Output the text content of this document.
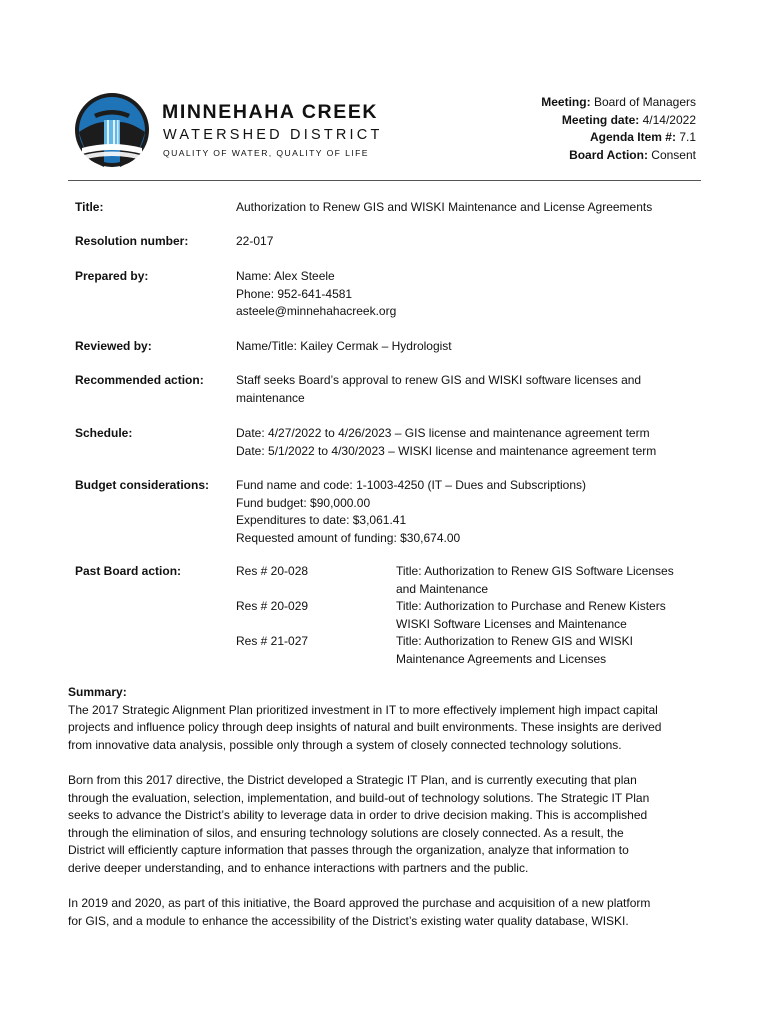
MINNEHAHA CREEK
WATERSHED DISTRICT
QUALITY OF WATER, QUALITY OF LIFE
Meeting: Board of Managers
Meeting date: 4/14/2022
Agenda Item #: 7.1
Board Action: Consent
Title:	Authorization to Renew GIS and WISKI Maintenance and License Agreements
Resolution number:	22-017
Prepared by:	Name: Alex Steele
Phone: 952-641-4581
asteele@minnehahacreek.org
Reviewed by:	Name/Title: Kailey Cermak – Hydrologist
Recommended action:	Staff seeks Board’s approval to renew GIS and WISKI software licenses and
maintenance
Schedule:	Date: 4/27/2022 to 4/26/2023 – GIS license and maintenance agreement term
Date: 5/1/2022 to 4/30/2023 – WISKI license and maintenance agreement term
Budget considerations:	Fund name and code: 1-1003-4250 (IT – Dues and Subscriptions)
Fund budget: $90,000.00
Expenditures to date: $3,061.41
Requested amount of funding: $30,674.00
Past Board action:	Res # 20-028	Title: Authorization to Renew GIS Software Licenses
and Maintenance
Res # 20-029	Title: Authorization to Purchase and Renew Kisters
WISKI Software Licenses and Maintenance
Res # 21-027	Title: Authorization to Renew GIS and WISKI
Maintenance Agreements and Licenses
Summary:

The 2017 Strategic Alignment Plan prioritized investment in IT to more effectively implement high impact capital
projects and influence policy through deep insights of natural and built environments. These insights are derived
from innovative data analysis, possible only through a system of closely connected technology solutions.

Born from this 2017 directive, the District developed a Strategic IT Plan, and is currently executing that plan
through the evaluation, selection, implementation, and build-out of technology solutions. The Strategic IT Plan
seeks to advance the District’s ability to leverage data in order to drive decision making. This is accomplished
through the elimination of silos, and ensuring technology solutions are closely connected. As a result, the
District will efficiently capture information that passes through the organization, analyze that information to
derive deeper understanding, and to enhance interactions with partners and the public.

In 2019 and 2020, as part of this initiative, the Board approved the purchase and acquisition of a new platform
for GIS, and a module to enhance the accessibility of the District’s existing water quality database, WISKI.
